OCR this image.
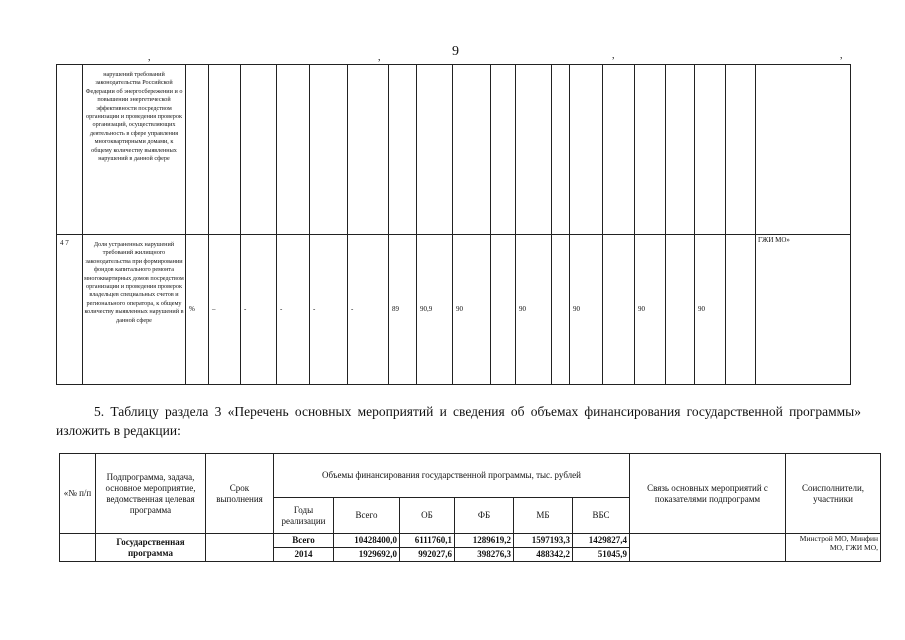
,	,	9	,	,
	нарушений требований законодательства Российской Федерации об энергосбережении и о повышении энергетической эффективности посредством организации и проведения проверок организаций, осуществляющих деятельность в сфере управления многоквартирными домами, к общему количеству выявленных нарушений в данной сфере																			
4 7	Доля устраненных нарушений требований жилищного законодательства при формировании фондов капитального ремонта многоквартирных домов посредством организации и проведения проверок владельцев специальных счетов и регионального оператора, к общему количеству выявленных нарушений в данной сфере	%	–	-	-	-	-	89	90,9	90		90		90		90		90		ГЖИ МО»
5. Таблицу раздела 3 «Перечень основных мероприятий и сведения об объемах финансирования государственной программы» изложить в редакции:
«№ п/п	Подпрограмма, задача, основное мероприятие, ведомственная целевая программа	Срок выполнения	Объемы финансирования государственной программы, тыс. рублей						Связь основных мероприятий с показателями подпрограмм	Соисполнители, участники
			Годы реализации	Всего	ОБ	ФБ	МБ	ВБС		
	Государственная программа		Всего	10428400,0	6111760,1	1289619,2	1597193,3	1429827,4		Минстрой МО, Минфин МО, ГЖИ МО,
			2014	1929692,0	992027,6	398276,3	488342,2	51045,9		
